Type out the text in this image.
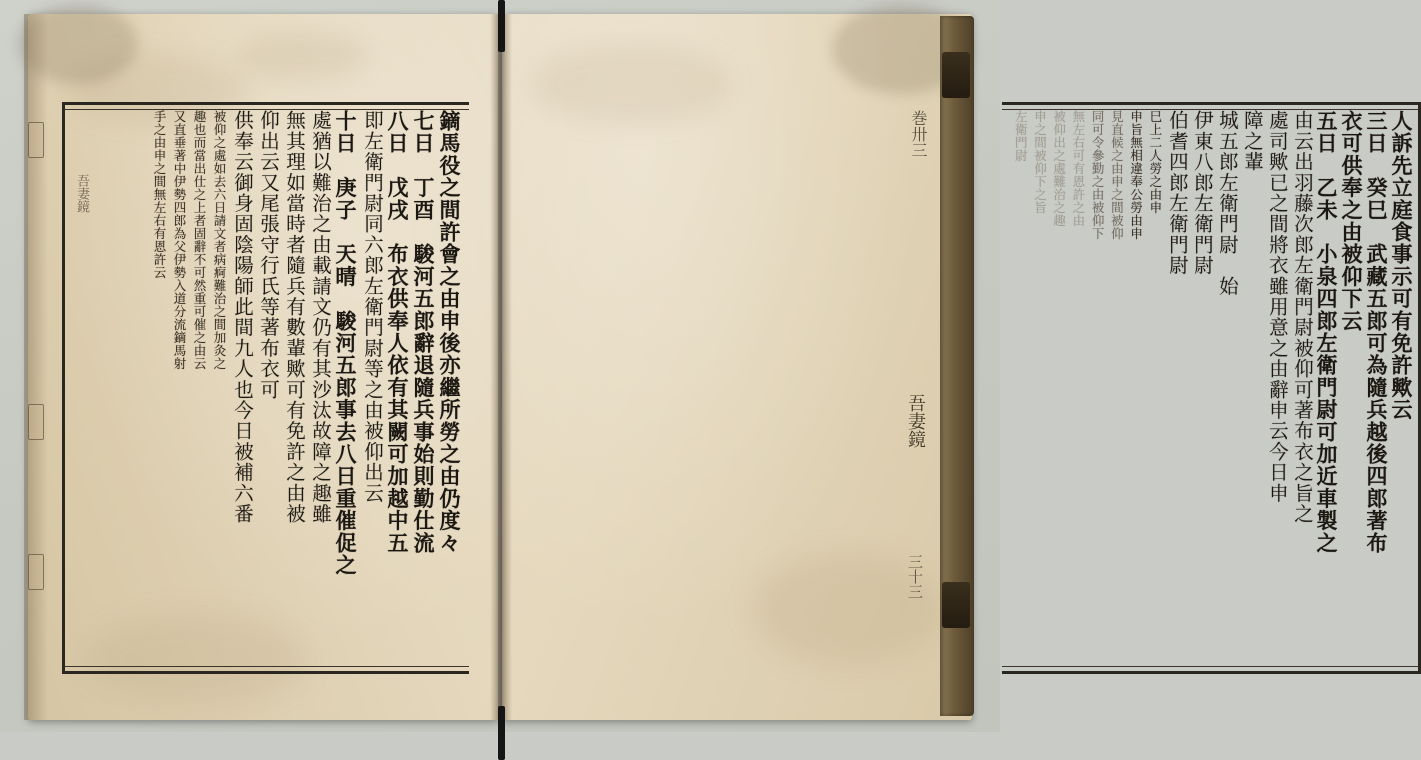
吾妻鏡	鏑馬役之間許會之由申後亦繼所勞之由仍度々
七日　丁酉　駿河五郎辭退隨兵事始則勤仕流
八日　戊戌　布衣供奉人依有其闕可加越中五
即左衛門尉同六郎左衛門尉等之由被仰出云
十日　庚子　天晴　駿河五郎事去八日重催促之
處猶以難治之由載請文仍有其沙汰故障之趣雖
無其理如當時者隨兵有數輩歟可有免許之由被
仰出云又尾張守行氏等著布衣可
供奉云御身固陰陽師此間九人也今日被補六番
被仰之處如去六日請文者病痾難治之間加灸之
趣也而當出仕之上者固辭不可然重可催之由云
又直垂著中伊勢四郎為父伊勢入道分流鏑馬射
手之由申之間無左右有恩許云	巻卅三
吾妻鏡
三十三
人訴先立庭食事示可有免許歟云
三日　癸巳　武藏五郎可為隨兵越後四郎著布
衣可供奉之由被仰下云
五日　乙未　小泉四郎左衛門尉可加近車製之
由云出羽藤次郎左衛門尉被仰可著布衣之旨之
處司歟已之間將衣雖用意之由辭申云今日申
障之輩
城五郎左衛門尉　始
伊東八郎左衛門尉
伯耆四郎左衛門尉
巳上二人勞之由申
申旨無相違奉公勞由申
見直候之由申之間被仰
同可令參勤之由被仰下
無左右可有恩許之由
被仰出之處難治之趣
申之間被仰下之旨
左衛門尉
